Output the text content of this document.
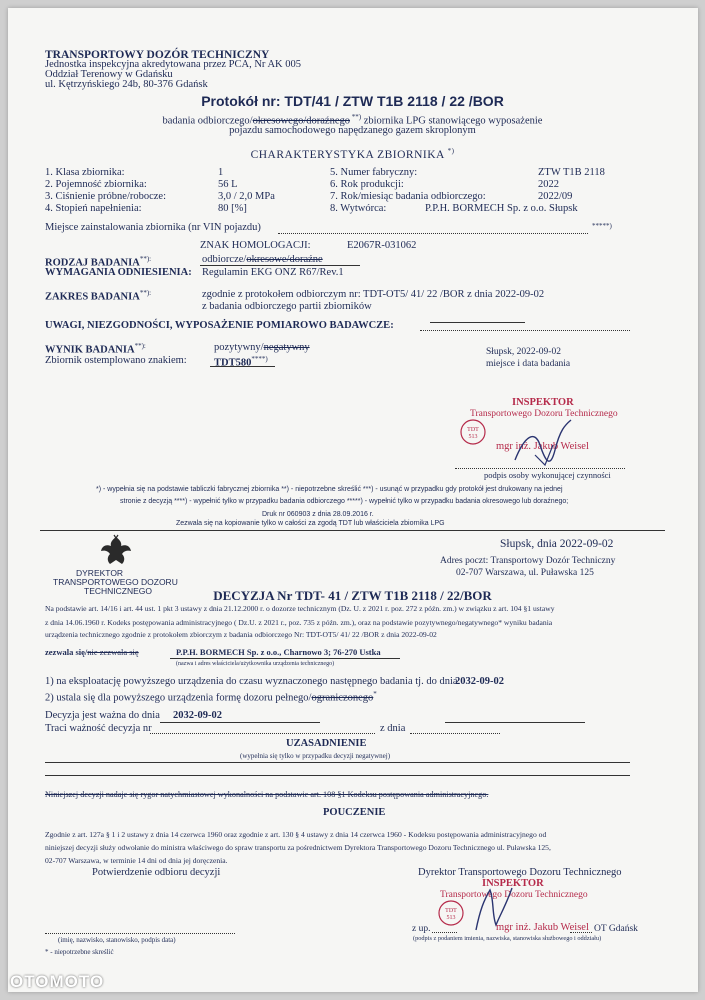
TRANSPORTOWY DOZÓR TECHNICZNY
Jednostka inspekcyjna akredytowana przez PCA, Nr AK 005
Oddział Terenowy w Gdańsku
ul. Kętrzyńskiego 24b, 80-376 Gdańsk
Protokół nr: TDT/41 / ZTW T1B 2118 / 22 /BOR
badania odbiorczego/okresowego/doraźnego **) zbiornika LPG stanowiącego wyposażenie
pojazdu samochodowego napędzanego gazem skroplonym
CHARAKTERYSTYKA ZBIORNIKA *)
1. Klasa zbiornika:	1
2. Pojemność zbiornika:	56 L
3. Ciśnienie próbne/robocze:	3,0 / 2,0 MPa
4. Stopień napełnienia:	80 [%]
5. Numer fabryczny:	ZTW T1B 2118
6. Rok produkcji:	2022
7. Rok/miesiąc badania odbiorczego:	2022/09
8. Wytwórca:	P.P.H. BORMECH Sp. z o.o. Słupsk
Miejsce zainstalowania zbiornika (nr VIN pojazdu)	*****)
ZNAK HOMOLOGACJI:	E2067R-031062
RODZAJ BADANIA**):	odbiorcze/okresowe/doraźne
WYMAGANIA ODNIESIENIA: Regulamin EKG ONZ R67/Rev.1
ZAKRES BADANIA**):	zgodnie z protokołem odbiorczym nr: TDT-OT5/ 41/ 22 /BOR z dnia 2022-09-02
z badania odbiorczego partii zbiorników
UWAGI, NIEZGODNOŚCI, WYPOSAŻENIE POMIAROWO BADAWCZE:
WYNIK BADANIA**):	pozytywny/negatywny
Zbiornik ostemplowano znakiem:	TDT580****)
Słupsk, 2022-09-02
miejsce i data badania
INSPEKTOR
Transportowego Dozoru Technicznego
TDT
513
mgr inż. Jakub Weisel
podpis osoby wykonującej czynności
*) - wypełnia się na podstawie tabliczki fabrycznej zbiornika **) - niepotrzebne skreślić ***) - usunąć w przypadku gdy protokół jest drukowany na jednej
stronie z decyzją ****) - wypełnić tylko w przypadku badania odbiorczego *****) - wypełnić tylko w przypadku badania okresowego lub doraźnego;
Druk nr 060903 z dnia 28.09.2016 r.
Zezwala się na kopiowanie tylko w całości za zgodą TDT lub właściciela zbiornika LPG
DYREKTOR
TRANSPORTOWEGO DOZORU
TECHNICZNEGO
Słupsk, dnia 2022-09-02
Adres poczt: Transportowy Dozór Techniczny
02-707 Warszawa, ul. Puławska 125
DECYZJA Nr TDT- 41 / ZTW T1B 2118 / 22/BOR
Na podstawie art. 14/16 i art. 44 ust. 1 pkt 3 ustawy z dnia 21.12.2000 r. o dozorze technicznym (Dz. U. z 2021 r. poz. 272 z późn. zm.) w związku z art. 104 §1 ustawy
z dnia 14.06.1960 r. Kodeks postępowania administracyjnego ( Dz.U. z 2021 r., poz. 735 z późn. zm.), oraz na podstawie pozytywnego/negatywnego* wyniku badania
urządzenia technicznego zgodnie z protokołem zbiorczym z badania odbiorczego Nr: TDT-OT5/ 41/ 22 /BOR z dnia 2022-09-02
zezwala się/nie zezwala się	P.P.H. BORMECH Sp. z o.o., Charnowo 3; 76-270 Ustka
(nazwa i adres właściciela/użytkownika urządzenia technicznego)
1) na eksploatację powyższego urządzenia do czasu wyznaczonego następnego badania tj. do dnia
2032-09-02
2) ustala się dla powyższego urządzenia formę dozoru pełnego/ograniczonego*
Decyzja jest ważna do dnia 2032-09-02
Traci ważność decyzja nr	z dnia
UZASADNIENIE
(wypełnia się tylko w przypadku decyzji negatywnej)
Niniejszej decyzji nadaje się rygor natychmiastowej wykonalności na podstawie art. 108 §1 Kodeksu postępowania administracyjnego.
POUCZENIE
Zgodnie z art. 127a § 1 i 2 ustawy z dnia 14 czerwca 1960 oraz zgodnie z art. 130 § 4 ustawy z dnia 14 czerwca 1960 - Kodeksu postępowania administracyjnego od
niniejszej decyzji służy odwołanie do ministra właściwego do spraw transportu za pośrednictwem Dyrektora Transportowego Dozoru Technicznego ul. Puławska 125,
02-707 Warszawa, w terminie 14 dni od dnia jej doręczenia.
Potwierdzenie odbioru decyzji	Dyrektor Transportowego Dozoru Technicznego
INSPEKTOR
Transportowego Dozoru Technicznego
TDT
513
z up.	mgr inż. Jakub Weisel OT Gdańsk
(podpis z podaniem imienia, nazwiska, stanowiska służbowego i oddziału)
(imię, nazwisko, stanowisko, podpis data)
* - niepotrzebne skreślić
OTOMOTO
